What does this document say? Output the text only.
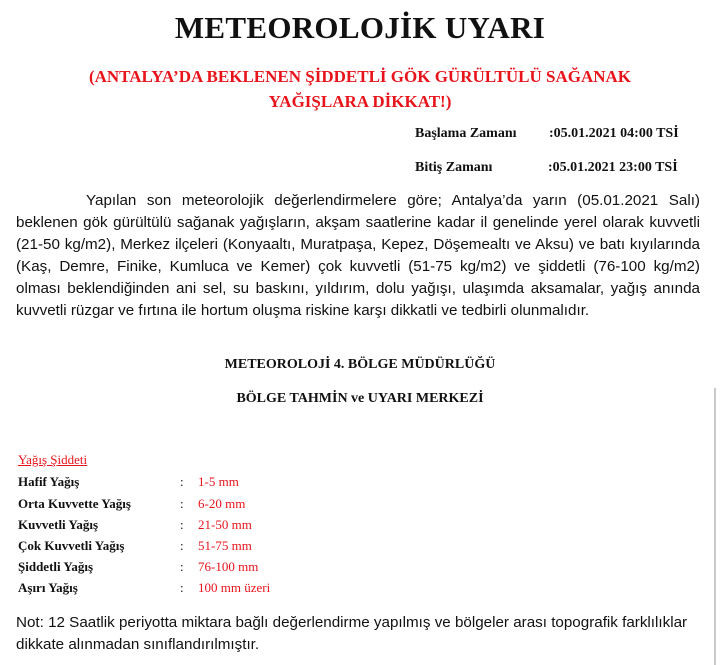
METEOROLOJİK UYARI
(ANTALYA’DA BEKLENEN ŞİDDETLİ GÖK GÜRÜLTÜLÜ SAĞANAK YAĞIŞLARA DİKKAT!)
Başlama Zamanı :05.01.2021 04:00 TSİ
Bitiş Zamanı	:05.01.2021 23:00 TSİ
Yapılan son meteorolojik değerlendirmelere göre; Antalya’da yarın (05.01.2021 Salı) beklenen gök gürültülü sağanak yağışların, akşam saatlerine kadar il genelinde yerel olarak kuvvetli (21-50 kg/m2), Merkez ilçeleri (Konyaaltı, Muratpaşa, Kepez, Döşemealtı ve Aksu) ve batı kıyılarında (Kaş, Demre, Finike, Kumluca ve Kemer) çok kuvvetli (51-75 kg/m2) ve şiddetli (76-100 kg/m2) olması beklendiğinden ani sel, su baskını, yıldırım, dolu yağışı, ulaşımda aksamalar, yağış anında kuvvetli rüzgar ve fırtına ile hortum oluşma riskine karşı dikkatli ve tedbirli olunmalıdır.
METEOROLOJİ 4. BÖLGE MÜDÜRLÜĞÜ
BÖLGE TAHMİN ve UYARI MERKEZİ
Yağış Şiddeti
Hafif Yağış	: 1-5 mm
Orta Kuvvette Yağış	: 6-20 mm
Kuvvetli Yağış	: 21-50 mm
Çok Kuvvetli Yağış	: 51-75 mm
Şiddetli Yağış	: 76-100 mm
Aşırı Yağış	: 100 mm üzeri
Not: 12 Saatlik periyotta miktara bağlı değerlendirme yapılmış ve bölgeler arası topografik farklılıklar dikkate alınmadan sınıflandırılmıştır.
